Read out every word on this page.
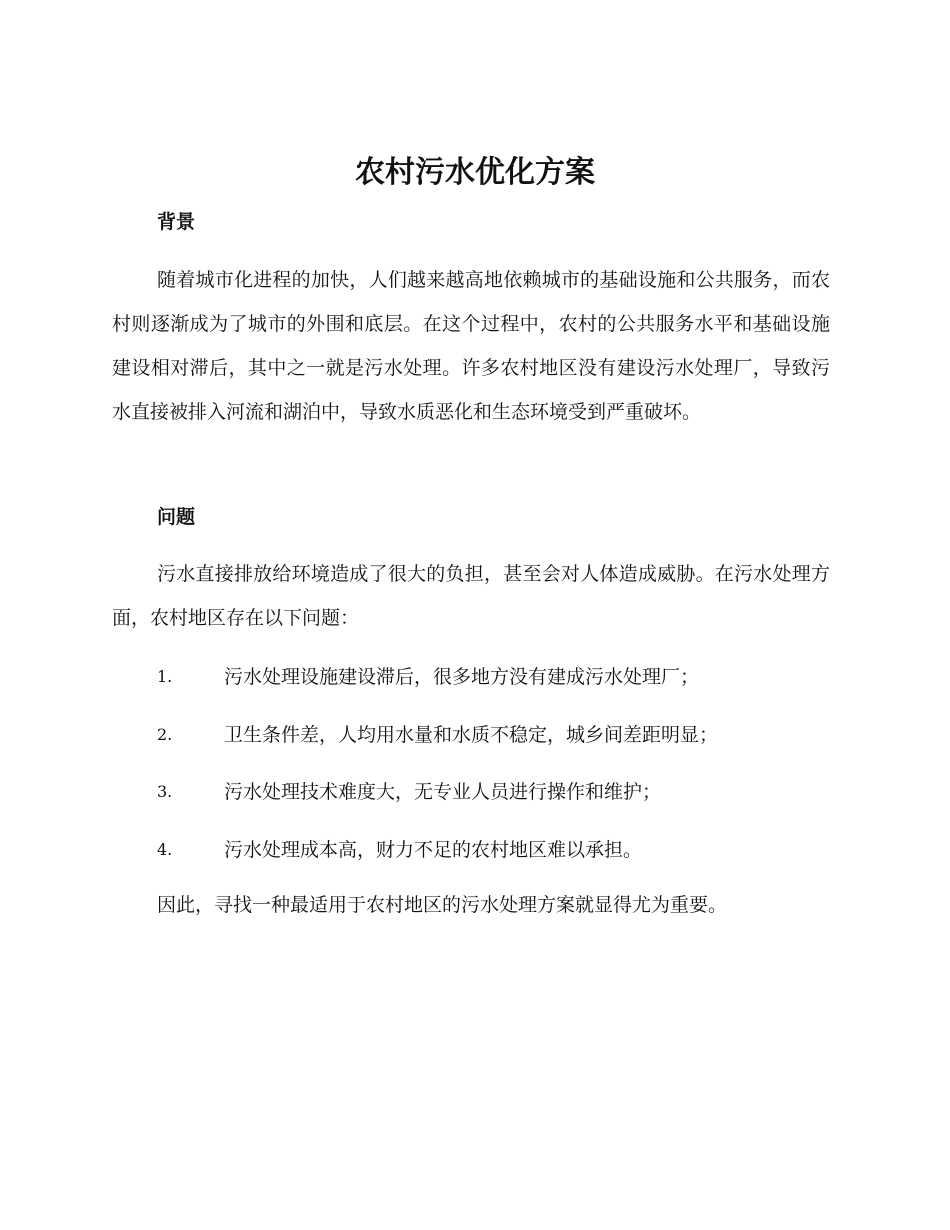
农村污水优化方案
背景

随着城市化进程的加快，人们越来越高地依赖城市的基础设施和公共服务，而农村则逐渐成为了城市的外围和底层。在这个过程中，农村的公共服务水平和基础设施建设相对滞后，其中之一就是污水处理。许多农村地区没有建设污水处理厂，导致污水直接被排入河流和湖泊中，导致水质恶化和生态环境受到严重破坏。

问题

污水直接排放给环境造成了很大的负担，甚至会对人体造成威胁。在污水处理方面，农村地区存在以下问题：

1.	污水处理设施建设滞后，很多地方没有建成污水处理厂；
2.	卫生条件差，人均用水量和水质不稳定，城乡间差距明显；
3.	污水处理技术难度大，无专业人员进行操作和维护；
4.	污水处理成本高，财力不足的农村地区难以承担。
因此，寻找一种最适用于农村地区的污水处理方案就显得尤为重要。
